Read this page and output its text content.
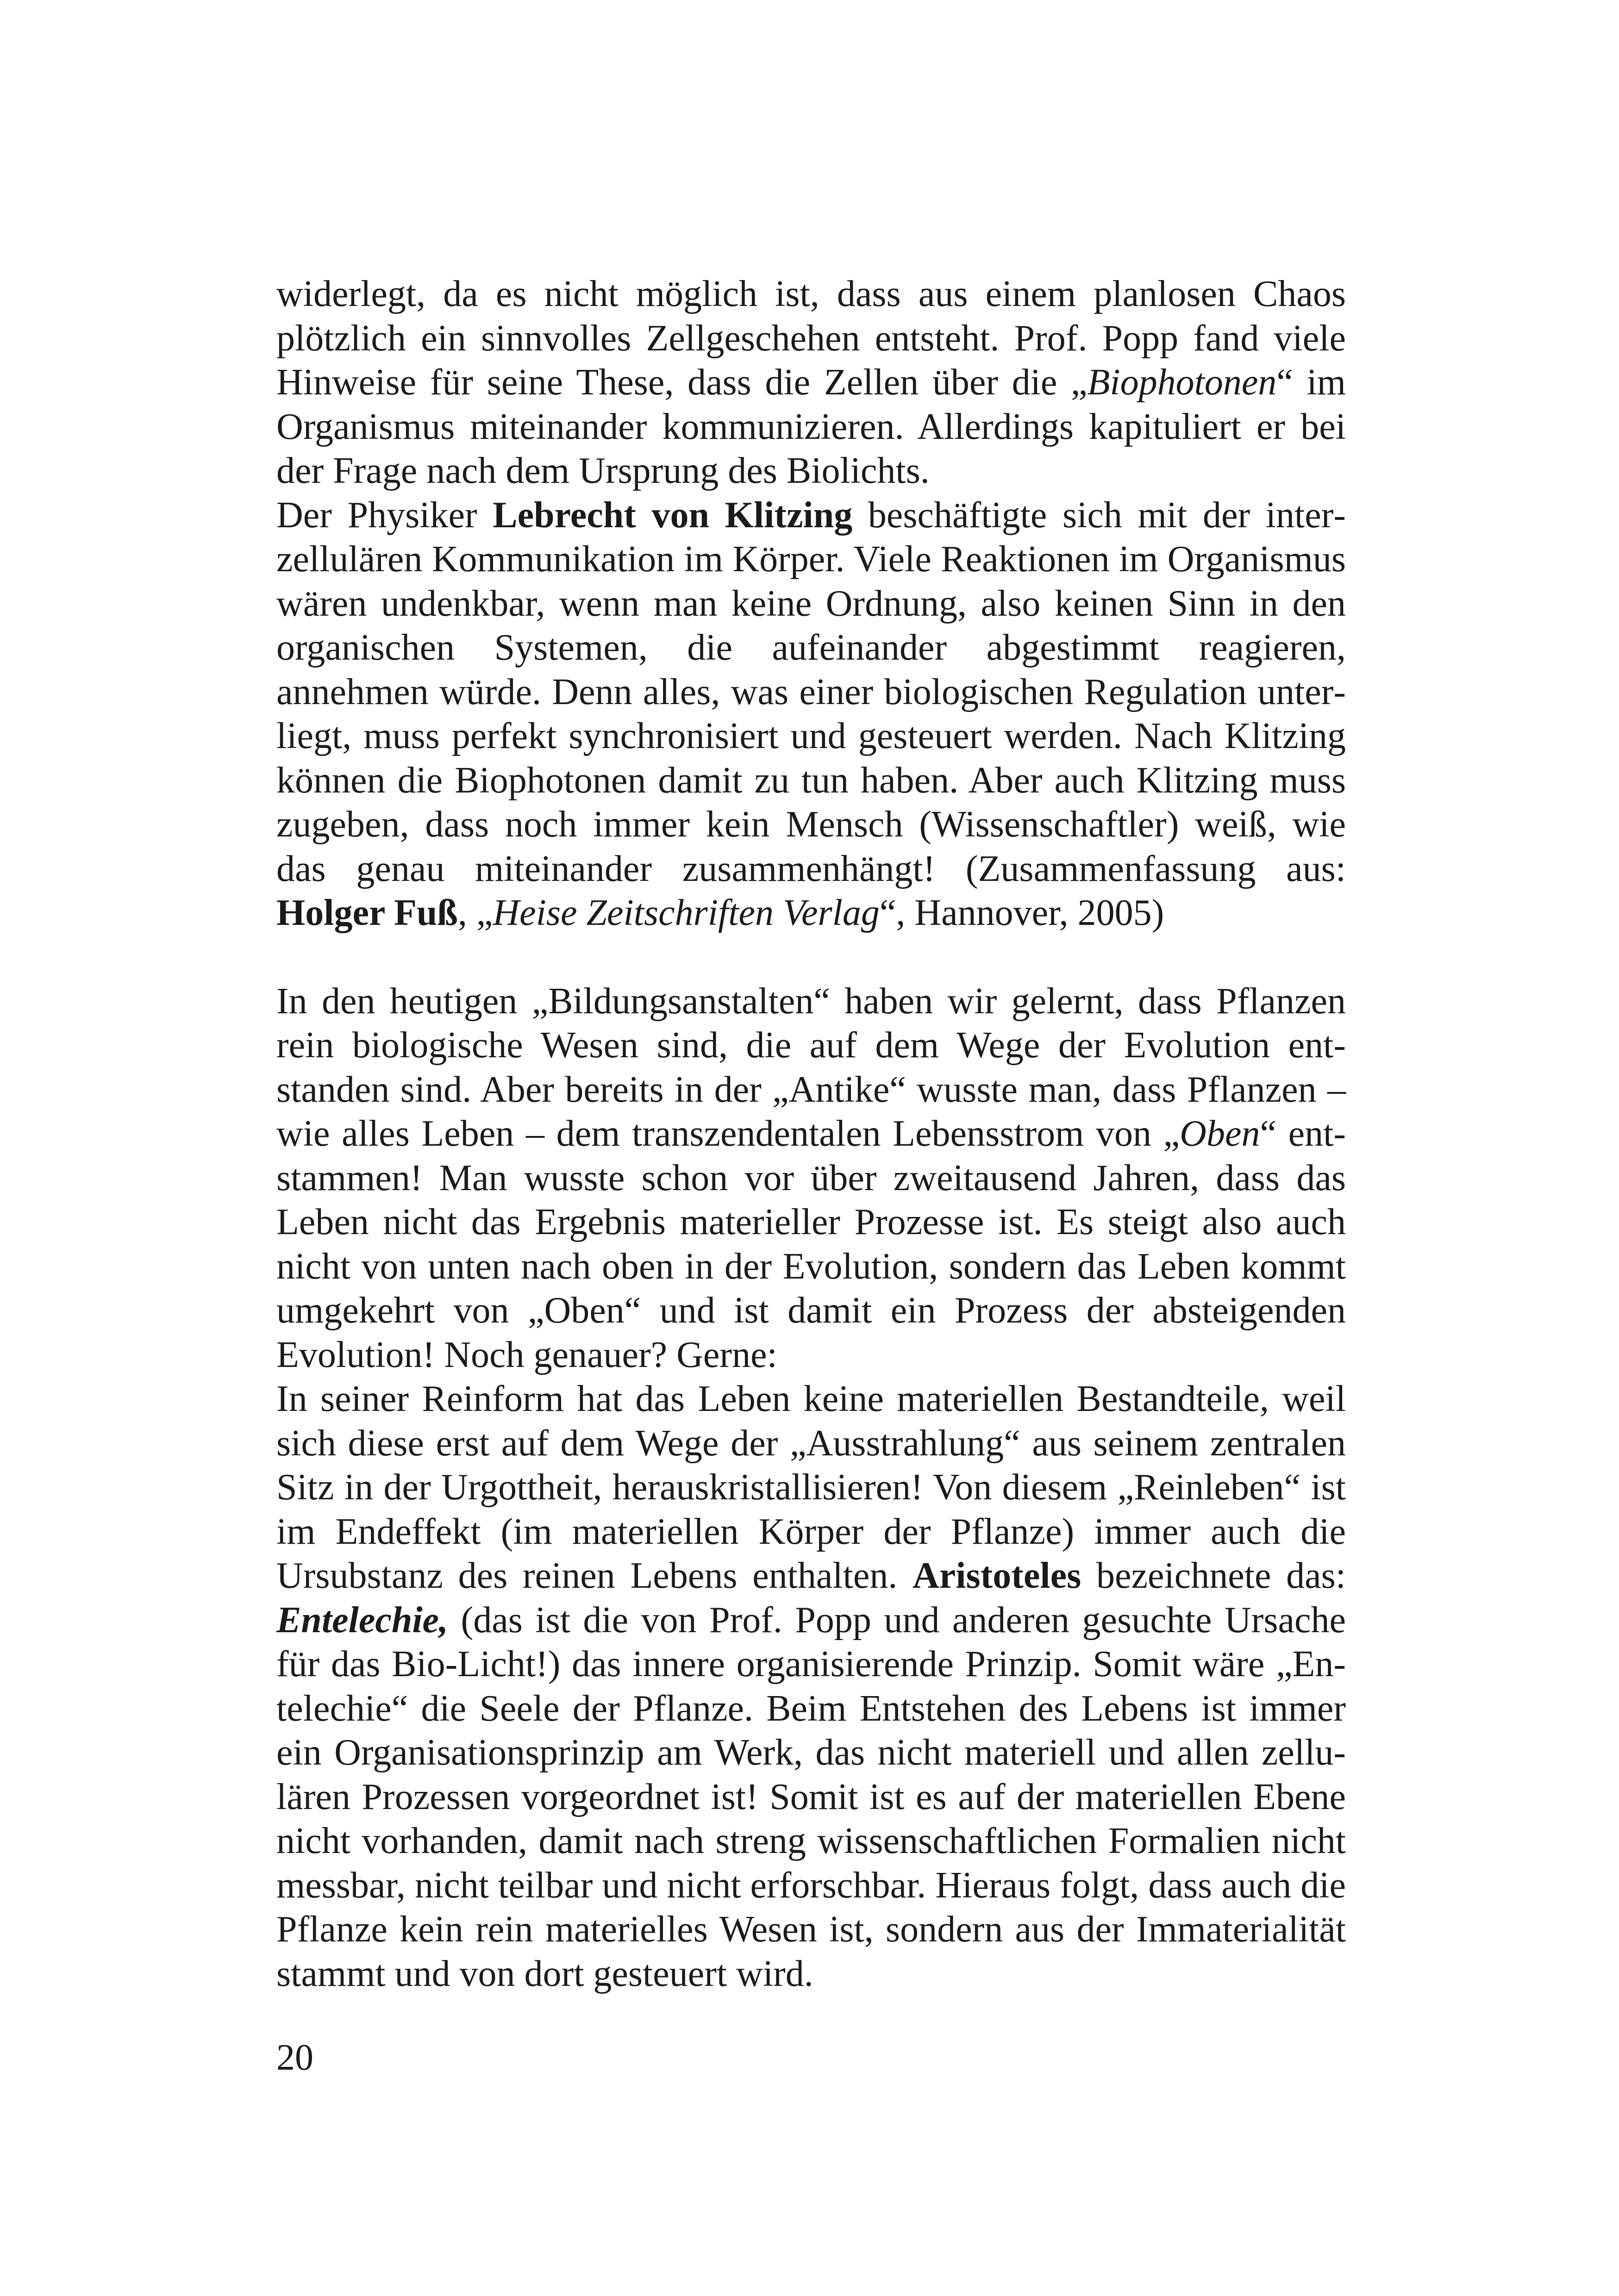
widerlegt, da es nicht möglich ist, dass aus einem planlosen Chaos plötzlich ein sinnvolles Zellgeschehen entsteht. Prof. Popp fand viele Hinweise für seine These, dass die Zellen über die „Biophotonen“ im Organismus miteinander kommunizieren. Allerdings kapituliert er bei der Frage nach dem Ursprung des Biolichts.

Der Physiker Lebrecht von Klitzing beschäftigte sich mit der interzellulären Kommunikation im Körper. Viele Reaktionen im Organismus wären undenkbar, wenn man keine Ordnung, also keinen Sinn in den organischen Systemen, die aufeinander abgestimmt reagieren, annehmen würde. Denn alles, was einer biologischen Regulation unterliegt, muss perfekt synchronisiert und gesteuert werden. Nach Klitzing können die Biophotonen damit zu tun haben. Aber auch Klitzing muss zugeben, dass noch immer kein Mensch (Wissenschaftler) weiß, wie das genau miteinander zusammenhängt! (Zusammenfassung aus: Holger Fuß, „Heise Zeitschriften Verlag“, Hannover, 2005)

In den heutigen „Bildungsanstalten“ haben wir gelernt, dass Pflanzen rein biologische Wesen sind, die auf dem Wege der Evolution entstanden sind. Aber bereits in der „Antike“ wusste man, dass Pflanzen – wie alles Leben – dem transzendentalen Lebensstrom von „Oben“ entstammen! Man wusste schon vor über zweitausend Jahren, dass das Leben nicht das Ergebnis materieller Prozesse ist. Es steigt also auch nicht von unten nach oben in der Evolution, sondern das Leben kommt umgekehrt von „Oben“ und ist damit ein Prozess der absteigenden Evolution! Noch genauer? Gerne:

In seiner Reinform hat das Leben keine materiellen Bestandteile, weil sich diese erst auf dem Wege der „Ausstrahlung“ aus seinem zentralen Sitz in der Urgottheit, herauskristallisieren! Von diesem „Reinleben“ ist im Endeffekt (im materiellen Körper der Pflanze) immer auch die Ursubstanz des reinen Lebens enthalten. Aristoteles bezeichnete das: Entelechie, (das ist die von Prof. Popp und anderen gesuchte Ursache für das Bio-Licht!) das innere organisierende Prinzip. Somit wäre „Entelechie“ die Seele der Pflanze. Beim Entstehen des Lebens ist immer ein Organisationsprinzip am Werk, das nicht materiell und allen zellulären Prozessen vorgeordnet ist! Somit ist es auf der materiellen Ebene nicht vorhanden, damit nach streng wissenschaftlichen Formalien nicht messbar, nicht teilbar und nicht erforschbar. Hieraus folgt, dass auch die Pflanze kein rein materielles Wesen ist, sondern aus der Immaterialität stammt und von dort gesteuert wird.

20
